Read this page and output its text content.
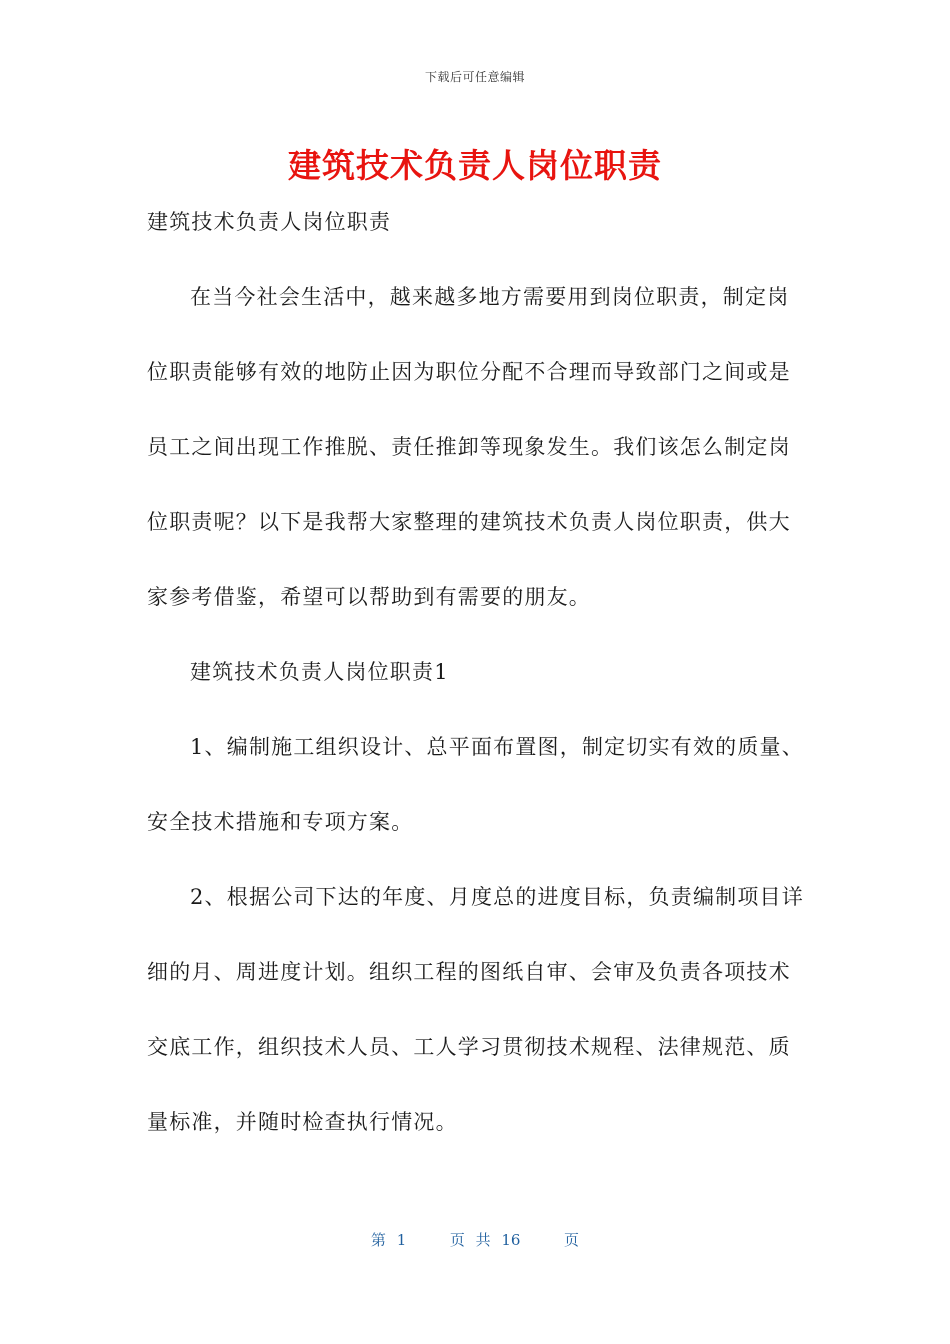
下载后可任意编辑
建筑技术负责人岗位职责
建筑技术负责人岗位职责
在当今社会生活中，越来越多地方需要用到岗位职责，制定岗
位职责能够有效的地防止因为职位分配不合理而导致部门之间或是
员工之间出现工作推脱、责任推卸等现象发生。我们该怎么制定岗
位职责呢？以下是我帮大家整理的建筑技术负责人岗位职责，供大
家参考借鉴，希望可以帮助到有需要的朋友。
建筑技术负责人岗位职责1
1、编制施工组织设计、总平面布置图，制定切实有效的质量、
安全技术措施和专项方案。
2、根据公司下达的年度、月度总的进度目标，负责编制项目详
细的月、周进度计划。组织工程的图纸自审、会审及负责各项技术
交底工作，组织技术人员、工人学习贯彻技术规程、法律规范、质
量标准，并随时检查执行情况。
第 1	页 共 16	页
